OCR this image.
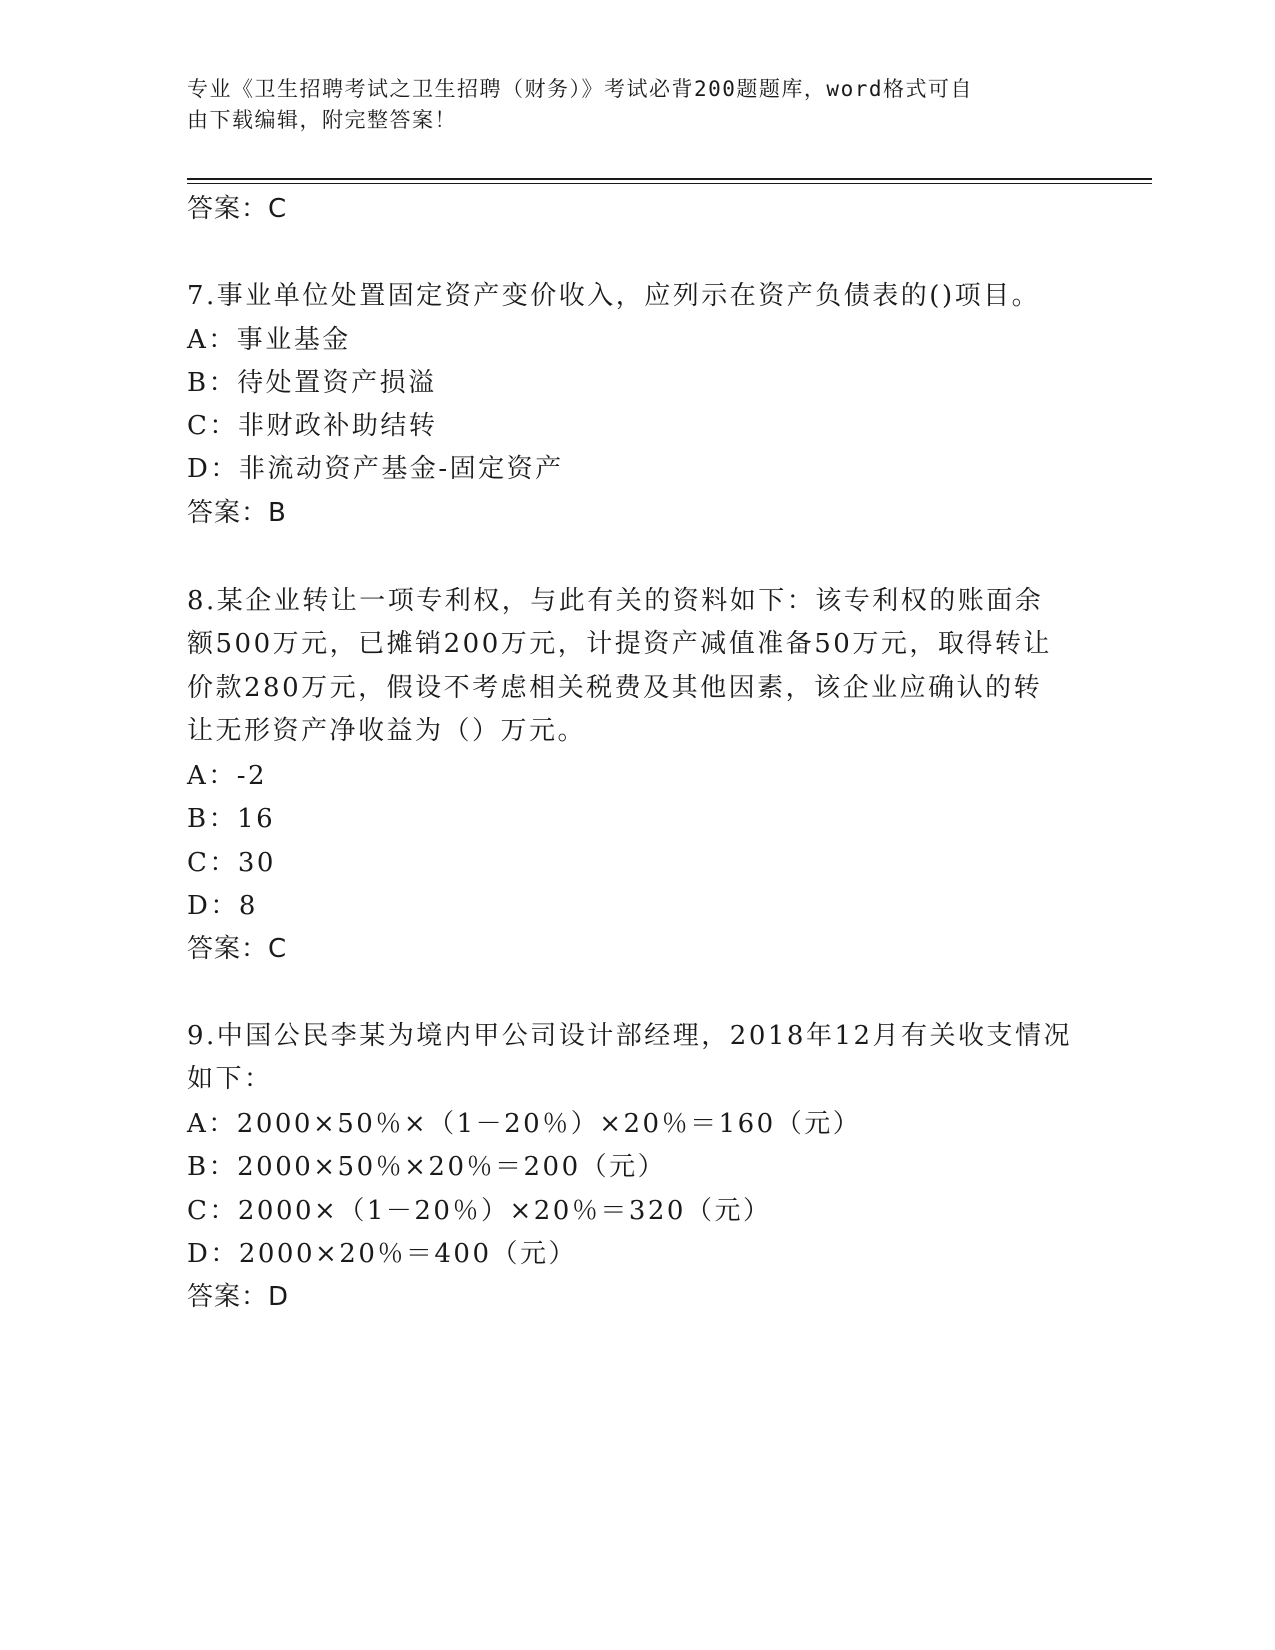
专业《卫生招聘考试之卫生招聘（财务）》考试必背200题题库，word格式可自
由下载编辑，附完整答案！
答案：C
7.事业单位处置固定资产变价收入，应列示在资产负债表的()项目。
A：事业基金
B：待处置资产损溢
C：非财政补助结转
D：非流动资产基金-固定资产
答案：B
8.某企业转让一项专利权，与此有关的资料如下：该专利权的账面余
额500万元，已摊销200万元，计提资产减值准备50万元，取得转让
价款280万元，假设不考虑相关税费及其他因素，该企业应确认的转
让无形资产净收益为（）万元。
A：-2
B：16
C：30
D：8
答案：C
9.中国公民李某为境内甲公司设计部经理，2018年12月有关收支情况
如下：
A：2000×50％×（1－20％）×20％＝160（元）
B：2000×50％×20％＝200（元）
C：2000×（1－20％）×20％＝320（元）
D：2000×20％＝400（元）
答案：D
